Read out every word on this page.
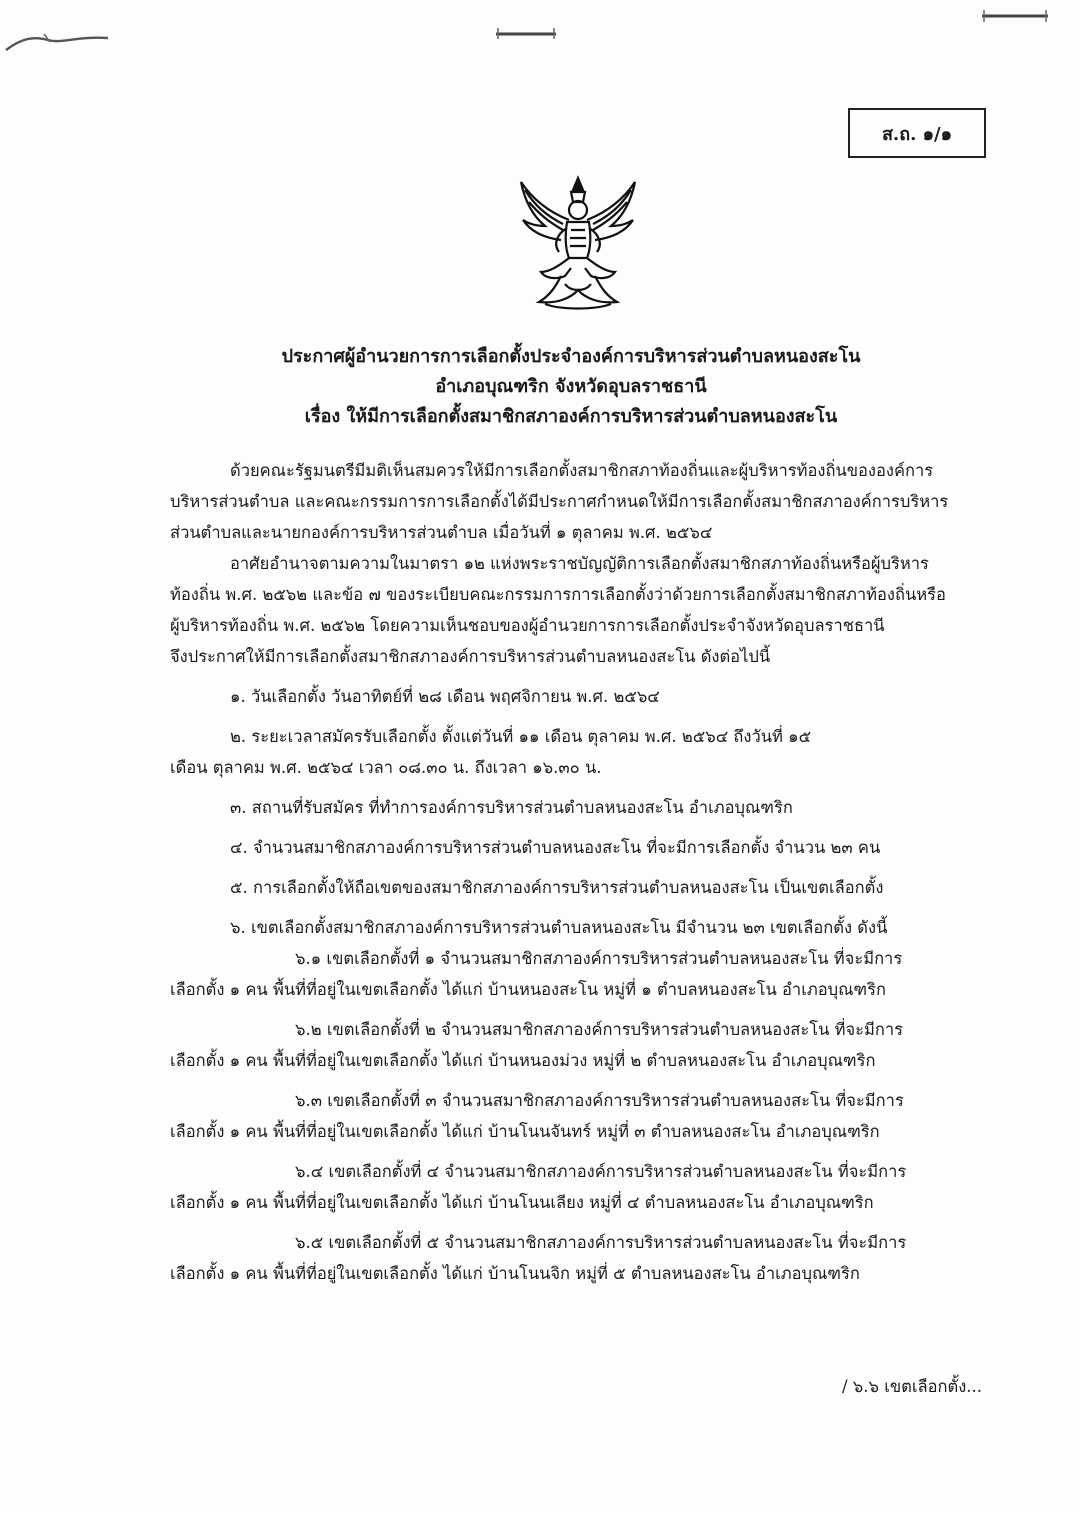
ส.ถ. ๑/๑
ประกาศผู้อำนวยการการเลือกตั้งประจำองค์การบริหารส่วนตำบลหนองสะโน
อำเภอบุณฑริก จังหวัดอุบลราชธานี
เรื่อง ให้มีการเลือกตั้งสมาชิกสภาองค์การบริหารส่วนตำบลหนองสะโน
ด้วยคณะรัฐมนตรีมีมติเห็นสมควรให้มีการเลือกตั้งสมาชิกสภาท้องถิ่นและผู้บริหารท้องถิ่นขององค์การ
บริหารส่วนตำบล และคณะกรรมการการเลือกตั้งได้มีประกาศกำหนดให้มีการเลือกตั้งสมาชิกสภาองค์การบริหาร
ส่วนตำบลและนายกองค์การบริหารส่วนตำบล เมื่อวันที่ ๑ ตุลาคม พ.ศ. ๒๕๖๔
อาศัยอำนาจตามความในมาตรา ๑๒ แห่งพระราชบัญญัติการเลือกตั้งสมาชิกสภาท้องถิ่นหรือผู้บริหาร
ท้องถิ่น พ.ศ. ๒๕๖๒ และข้อ ๗ ของระเบียบคณะกรรมการการเลือกตั้งว่าด้วยการเลือกตั้งสมาชิกสภาท้องถิ่นหรือ
ผู้บริหารท้องถิ่น พ.ศ. ๒๕๖๒ โดยความเห็นชอบของผู้อำนวยการการเลือกตั้งประจำจังหวัดอุบลราชธานี
จึงประกาศให้มีการเลือกตั้งสมาชิกสภาองค์การบริหารส่วนตำบลหนองสะโน ดังต่อไปนี้
๑. วันเลือกตั้ง วันอาทิตย์ที่ ๒๘ เดือน พฤศจิกายน พ.ศ. ๒๕๖๔
๒. ระยะเวลาสมัครรับเลือกตั้ง ตั้งแต่วันที่ ๑๑ เดือน ตุลาคม พ.ศ. ๒๕๖๔ ถึงวันที่ ๑๕
เดือน ตุลาคม พ.ศ. ๒๕๖๔ เวลา ๐๘.๓๐ น. ถึงเวลา ๑๖.๓๐ น.
๓. สถานที่รับสมัคร ที่ทำการองค์การบริหารส่วนตำบลหนองสะโน อำเภอบุณฑริก
๔. จำนวนสมาชิกสภาองค์การบริหารส่วนตำบลหนองสะโน ที่จะมีการเลือกตั้ง จำนวน ๒๓ คน
๕. การเลือกตั้งให้ถือเขตของสมาชิกสภาองค์การบริหารส่วนตำบลหนองสะโน เป็นเขตเลือกตั้ง
๖. เขตเลือกตั้งสมาชิกสภาองค์การบริหารส่วนตำบลหนองสะโน มีจำนวน ๒๓ เขตเลือกตั้ง ดังนี้
๖.๑ เขตเลือกตั้งที่ ๑ จำนวนสมาชิกสภาองค์การบริหารส่วนตำบลหนองสะโน ที่จะมีการ
เลือกตั้ง ๑ คน พื้นที่ที่อยู่ในเขตเลือกตั้ง ได้แก่ บ้านหนองสะโน หมู่ที่ ๑ ตำบลหนองสะโน อำเภอบุณฑริก
๖.๒ เขตเลือกตั้งที่ ๒ จำนวนสมาชิกสภาองค์การบริหารส่วนตำบลหนองสะโน ที่จะมีการ
เลือกตั้ง ๑ คน พื้นที่ที่อยู่ในเขตเลือกตั้ง ได้แก่ บ้านหนองม่วง หมู่ที่ ๒ ตำบลหนองสะโน อำเภอบุณฑริก
๖.๓ เขตเลือกตั้งที่ ๓ จำนวนสมาชิกสภาองค์การบริหารส่วนตำบลหนองสะโน ที่จะมีการ
เลือกตั้ง ๑ คน พื้นที่ที่อยู่ในเขตเลือกตั้ง ได้แก่ บ้านโนนจันทร์ หมู่ที่ ๓ ตำบลหนองสะโน อำเภอบุณฑริก
๖.๔ เขตเลือกตั้งที่ ๔ จำนวนสมาชิกสภาองค์การบริหารส่วนตำบลหนองสะโน ที่จะมีการ
เลือกตั้ง ๑ คน พื้นที่ที่อยู่ในเขตเลือกตั้ง ได้แก่ บ้านโนนเลียง หมู่ที่ ๔ ตำบลหนองสะโน อำเภอบุณฑริก
๖.๕ เขตเลือกตั้งที่ ๕ จำนวนสมาชิกสภาองค์การบริหารส่วนตำบลหนองสะโน ที่จะมีการ
เลือกตั้ง ๑ คน พื้นที่ที่อยู่ในเขตเลือกตั้ง ได้แก่ บ้านโนนจิก หมู่ที่ ๕ ตำบลหนองสะโน อำเภอบุณฑริก
/ ๖.๖ เขตเลือกตั้ง...
